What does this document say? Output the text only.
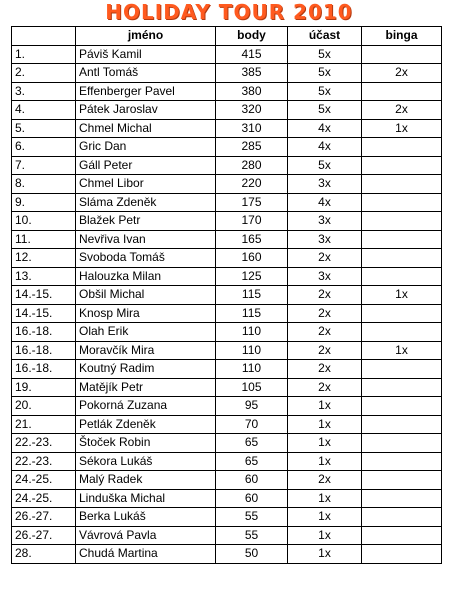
HOLIDAY TOUR 2010
	jméno	body	účast	binga
1.	Páviš Kamil	415	5x	
2.	Antl Tomáš	385	5x	2x
3.	Effenberger Pavel	380	5x	
4.	Pátek Jaroslav	320	5x	2x
5.	Chmel Michal	310	4x	1x
6.	Gric Dan	285	4x	
7.	Gáll Peter	280	5x	
8.	Chmel Libor	220	3x	
9.	Sláma Zdeněk	175	4x	
10.	Blažek Petr	170	3x	
11.	Nevřiva Ivan	165	3x	
12.	Svoboda Tomáš	160	2x	
13.	Halouzka Milan	125	3x	
14.-15.	Obšil Michal	115	2x	1x
14.-15.	Knosp Mira	115	2x	
16.-18.	Olah Erik	110	2x	
16.-18.	Moravčík Mira	110	2x	1x
16.-18.	Koutný Radim	110	2x	
19.	Matějík Petr	105	2x	
20.	Pokorná Zuzana	95	1x	
21.	Petlák Zdeněk	70	1x	
22.-23.	Štoček Robin	65	1x	
22.-23.	Sékora Lukáš	65	1x	
24.-25.	Malý Radek	60	2x	
24.-25.	Linduška Michal	60	1x	
26.-27.	Berka Lukáš	55	1x	
26.-27.	Vávrová Pavla	55	1x	
28.	Chudá Martina	50	1x	
